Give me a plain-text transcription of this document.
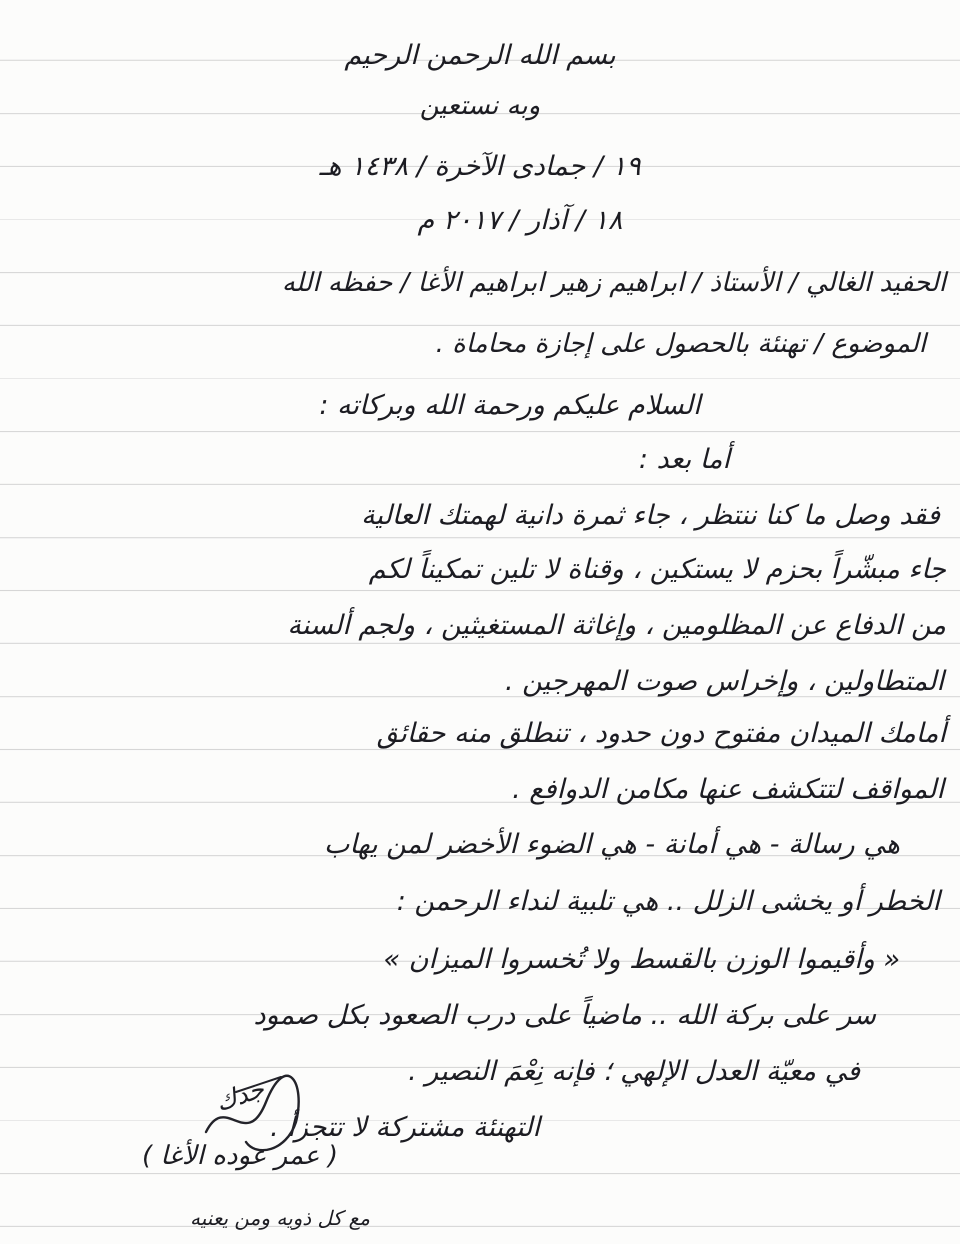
بسم الله الرحمن الرحيم
وبه نستعين
١٩ / جمادى الآخرة / ١٤٣٨ هـ
١٨ / آذار / ٢٠١٧ م
الحفيد الغالي / الأستاذ / ابراهيم زهير ابراهيم الأغا / حفظه الله
الموضوع / تهنئة بالحصول على إجازة محاماة .
السلام عليكم ورحمة الله وبركاته :
أما بعد :
فقد وصل ما كنا ننتظر ، جاء ثمرة دانية لهمتك العالية
جاء مبشّراً بحزم لا يستكين ، وقناة لا تلين تمكيناً لكم
من الدفاع عن المظلومين ، وإغاثة المستغيثين ، ولجم ألسنة
المتطاولين ، وإخراس صوت المهرجين .
أمامك الميدان مفتوح دون حدود ، تنطلق منه حقائق
المواقف لتتكشف عنها مكامن الدوافع .
هي رسالة - هي أمانة - هي الضوء الأخضر لمن يهاب
الخطر أو يخشى الزلل .. هي تلبية لنداء الرحمن :
« وأقيموا الوزن بالقسط ولا تُخسروا الميزان »
سر على بركة الله .. ماضياً على درب الصعود بكل صمود
في معيّة العدل الإلهي ؛ فإنه نِعْمَ النصير .
التهنئة مشتركة لا تتجزأ .
جدك
( عمر عوده الأغا )
مع كل ذويه ومن يعنيه
